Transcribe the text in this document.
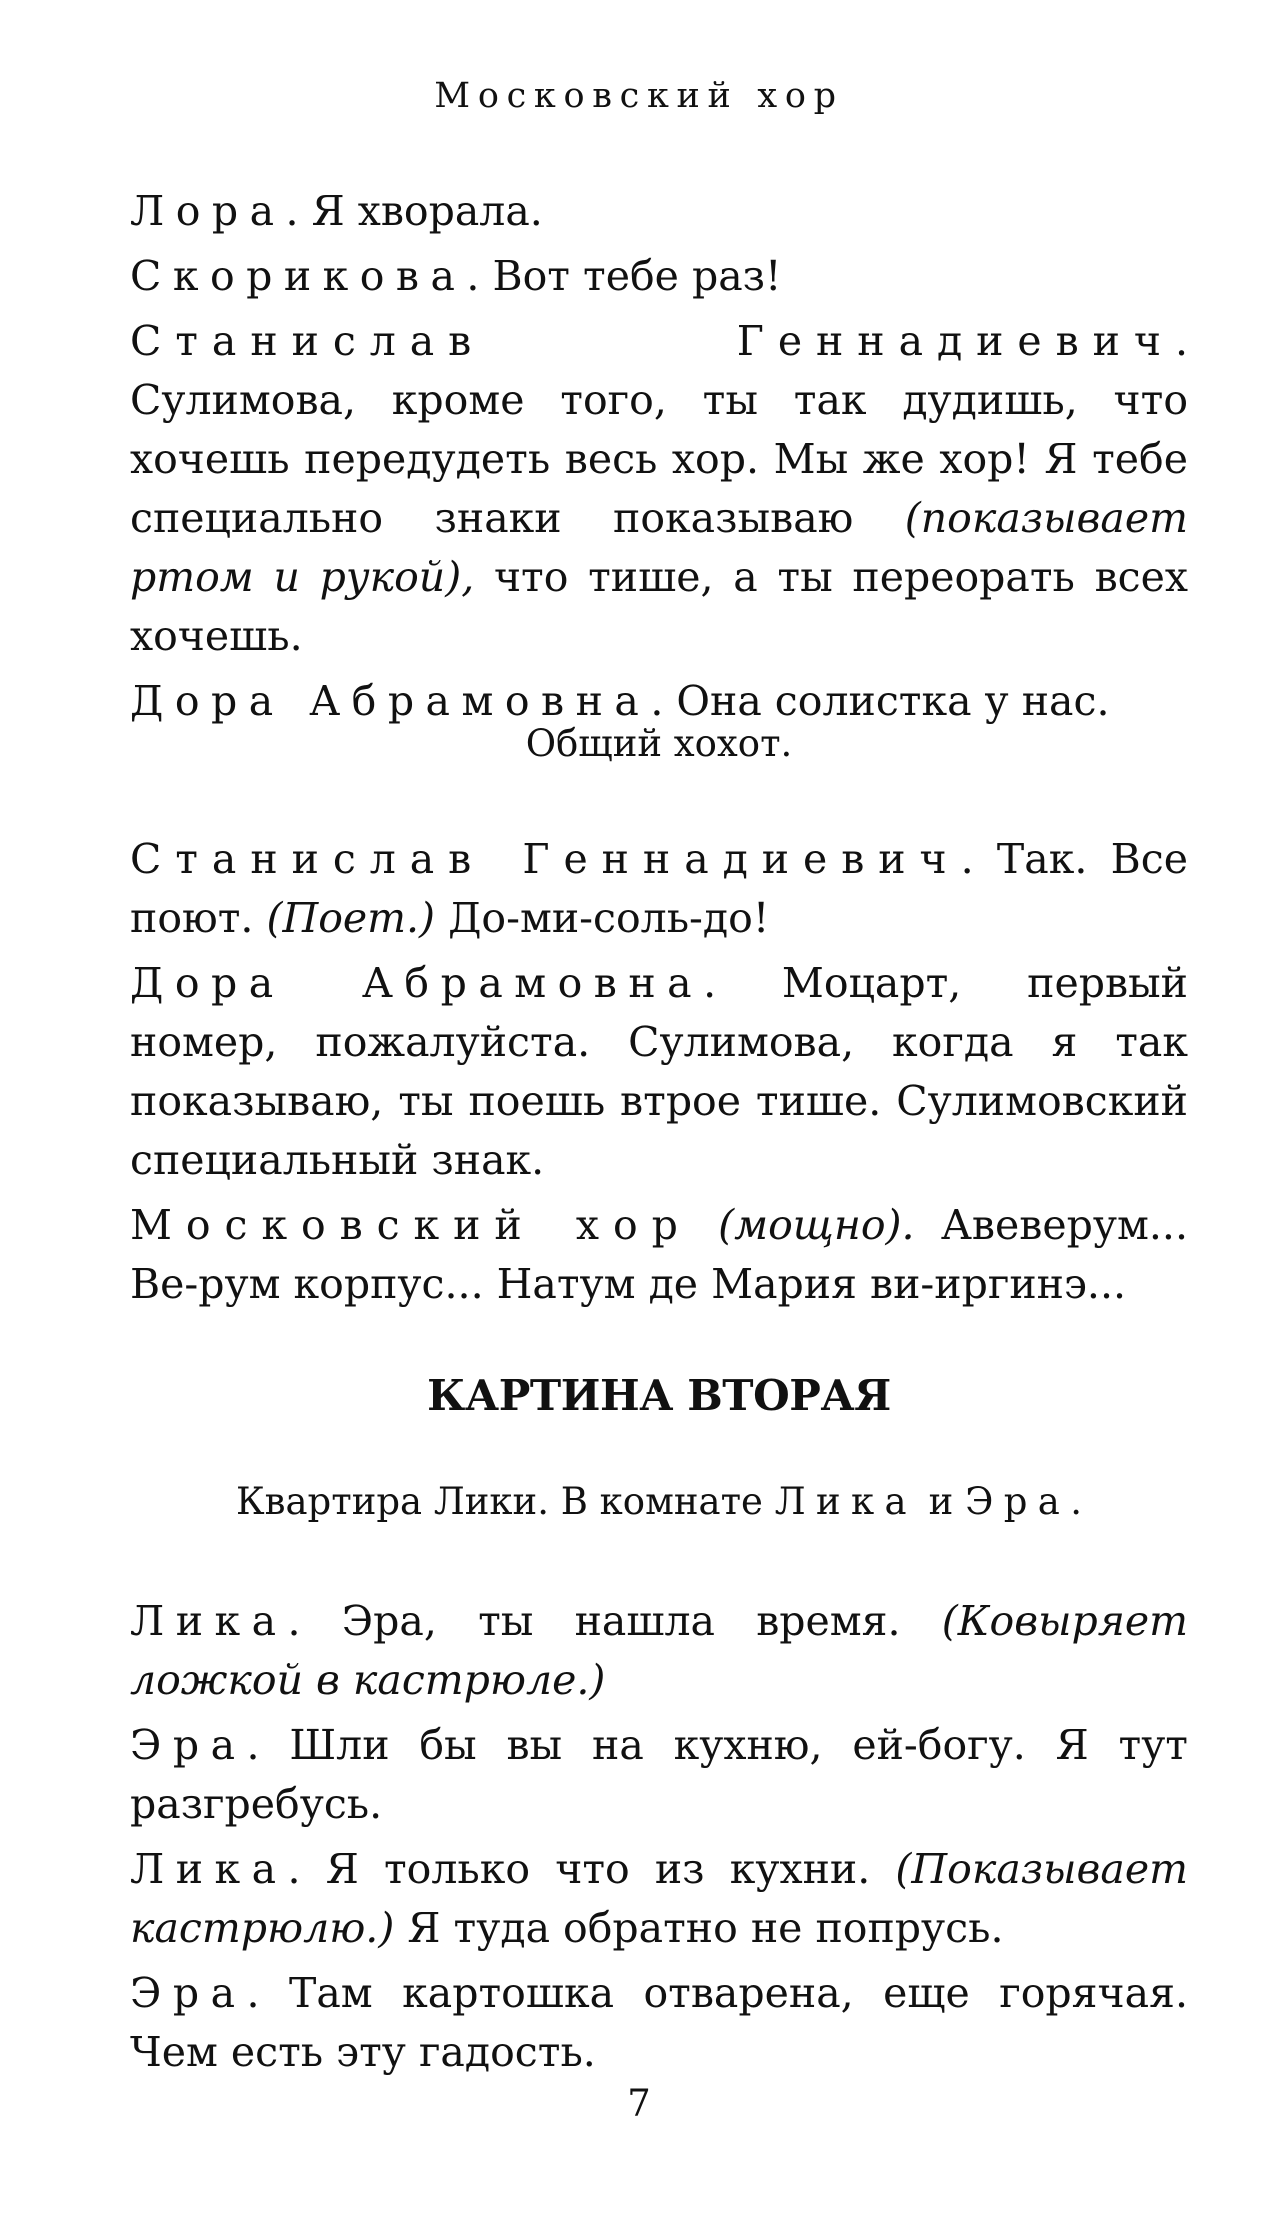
Московский хор

Лора. Я хворала.

Скорикова. Вот тебе раз!

Станислав Геннадиевич. Сулимова, кроме того, ты так дудишь, что хочешь передудеть весь хор. Мы же хор! Я тебе специально знаки показываю (показывает ртом и рукой), что тише, а ты переорать всех хочешь.

Дора Абрамовна. Она солистка у нас.

Общий хохот.

Станислав Геннадиевич. Так. Все поют. (Поет.) До-ми-соль-до!

Дора Абрамовна. Моцарт, первый номер, пожалуйста. Сулимова, когда я так показываю, ты поешь втрое тише. Сулимовский специальный знак.

Московский хор (мощно). Авеверум... Ве-рум корпус... Натум де Мария ви-иргинэ...

КАРТИНА ВТОРАЯ

Квартира Лики. В комнате Лика и Эра.

Лика. Эра, ты нашла время. (Ковыряет ложкой в кастрюле.)

Эра. Шли бы вы на кухню, ей-богу. Я тут разгребусь.

Лика. Я только что из кухни. (Показывает кастрюлю.) Я туда обратно не попрусь.

Эра. Там картошка отварена, еще горячая. Чем есть эту гадость.

7
